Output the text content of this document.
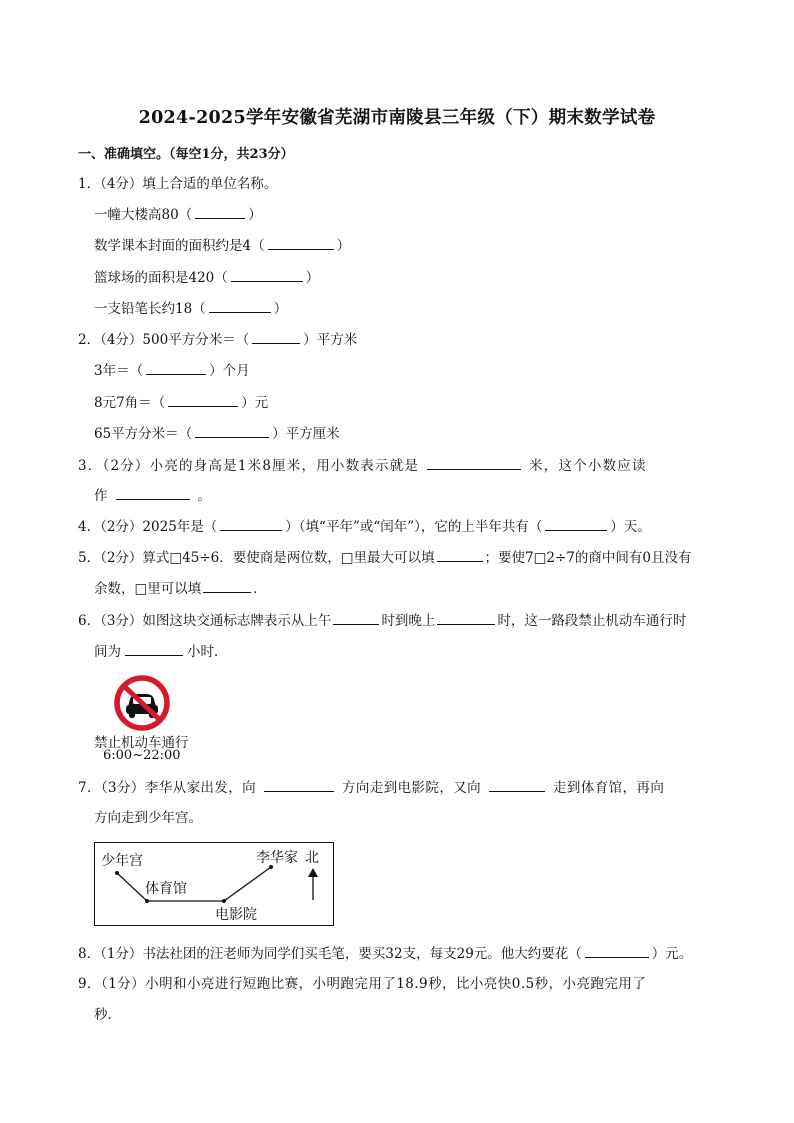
2024-2025学年安徽省芜湖市南陵县三年级（下）期末数学试卷
一、准确填空。（每空1分，共23分）
1．（4分）填上合适的单位名称。
一幢大楼高80（	）
数学课本封面的面积约是4（	）
篮球场的面积是420（	）
一支铅笔长约18（	）
2．（4分）500平方分米＝（	）平方米
3年＝（	）个月
8元7角＝（	）元
65平方分米＝（	）平方厘米
3．（2分）小亮的身高是1米8厘米，用小数表示就是	米，这个小数应读
作	。
4．（2分）2025年是（	）（填“平年”或“闰年”），它的上半年共有（	）天。
5．（2分）算式□45÷6．要使商是两位数，□里最大可以填	；要使7□2÷7的商中间有0且没有
余数，□里可以填	．
6．（3分）如图这块交通标志牌表示从上午	时到晚上	时，这一路段禁止机动车通行时
间为	小时．
禁止机动车通行
6:00~22:00
7．（3分）李华从家出发，向	方向走到电影院，又向	走到体育馆，再向
方向走到少年宫。
少年宫
体育馆
电影院
李华家 北
8．（1分）书法社团的汪老师为同学们买毛笔，要买32支，每支29元。他大约要花（	）元。
9．（1分）小明和小亮进行短跑比赛，小明跑完用了18.9秒，比小亮快0.5秒，小亮跑完用了
秒．
